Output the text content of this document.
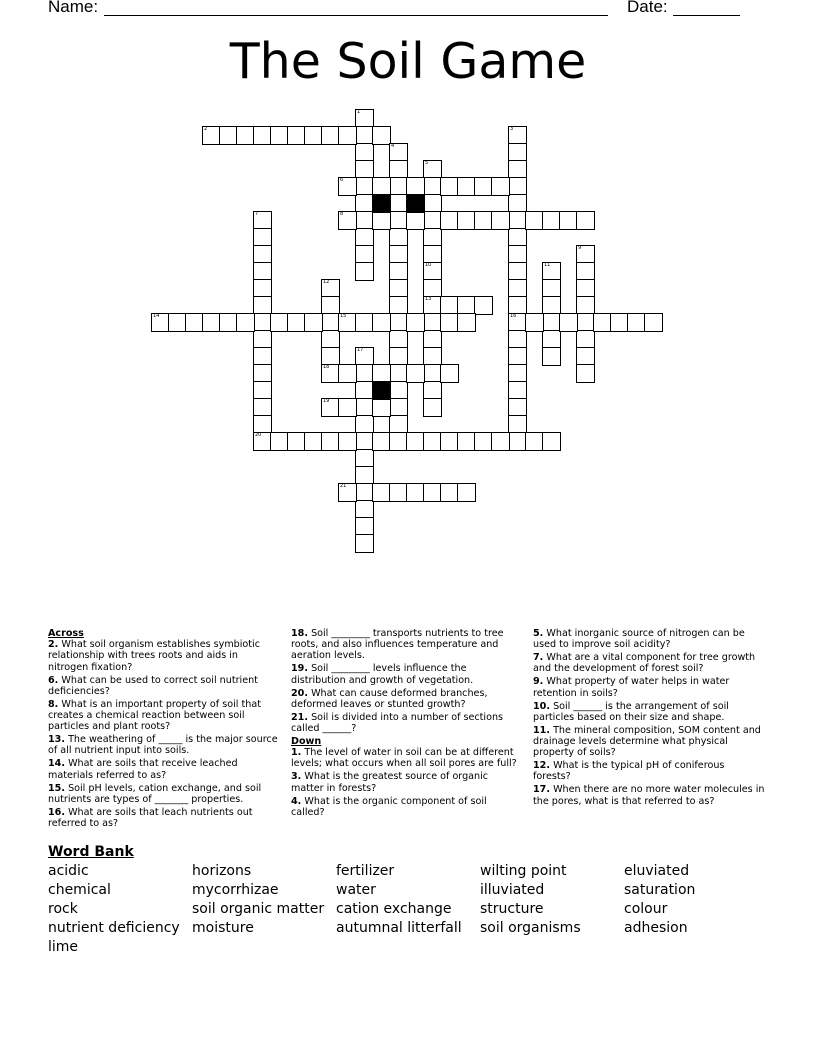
Name:	Date:
The Soil Game
1
2	3
16
4
5
10
13
6
7	8
9
11
12
18
14	15
17
19
20
21
Across
2. What soil organism establishes symbiotic relationship with trees roots and aids in nitrogen fixation?
6. What can be used to correct soil nutrient deficiencies?
8. What is an important property of soil that creates a chemical reaction between soil particles and plant roots?
13. The weathering of _____ is the major source of all nutrient input into soils.
14. What are soils that receive leached materials referred to as?
15. Soil pH levels, cation exchange, and soil nutrients are types of _______ properties.
16. What are soils that leach nutrients out referred to as?
18. Soil ________ transports nutrients to tree roots, and also influences temperature and aeration levels.
19. Soil ________ levels influence the distribution and growth of vegetation.
20. What can cause deformed branches, deformed leaves or stunted growth?
21. Soil is divided into a number of sections called ______?
Down
1. The level of water in soil can be at different levels; what occurs when all soil pores are full?
3. What is the greatest source of organic matter in forests?
4. What is the organic component of soil called?
5. What inorganic source of nitrogen can be used to improve soil acidity?
7. What are a vital component for tree growth and the development of forest soil?
9. What property of water helps in water retention in soils?
10. Soil ______ is the arrangement of soil particles based on their size and shape.
11. The mineral composition, SOM content and drainage levels determine what physical property of soils?
12. What is the typical pH of coniferous forests?
17. When there are no more water molecules in the pores, what is that referred to as?
Word Bank
acidic
chemical
rock
nutrient deficiency
lime
horizons
mycorrhizae
soil organic matter
moisture
fertilizer
water
cation exchange
autumnal litterfall
wilting point
illuviated
structure
soil organisms
eluviated
saturation
colour
adhesion
